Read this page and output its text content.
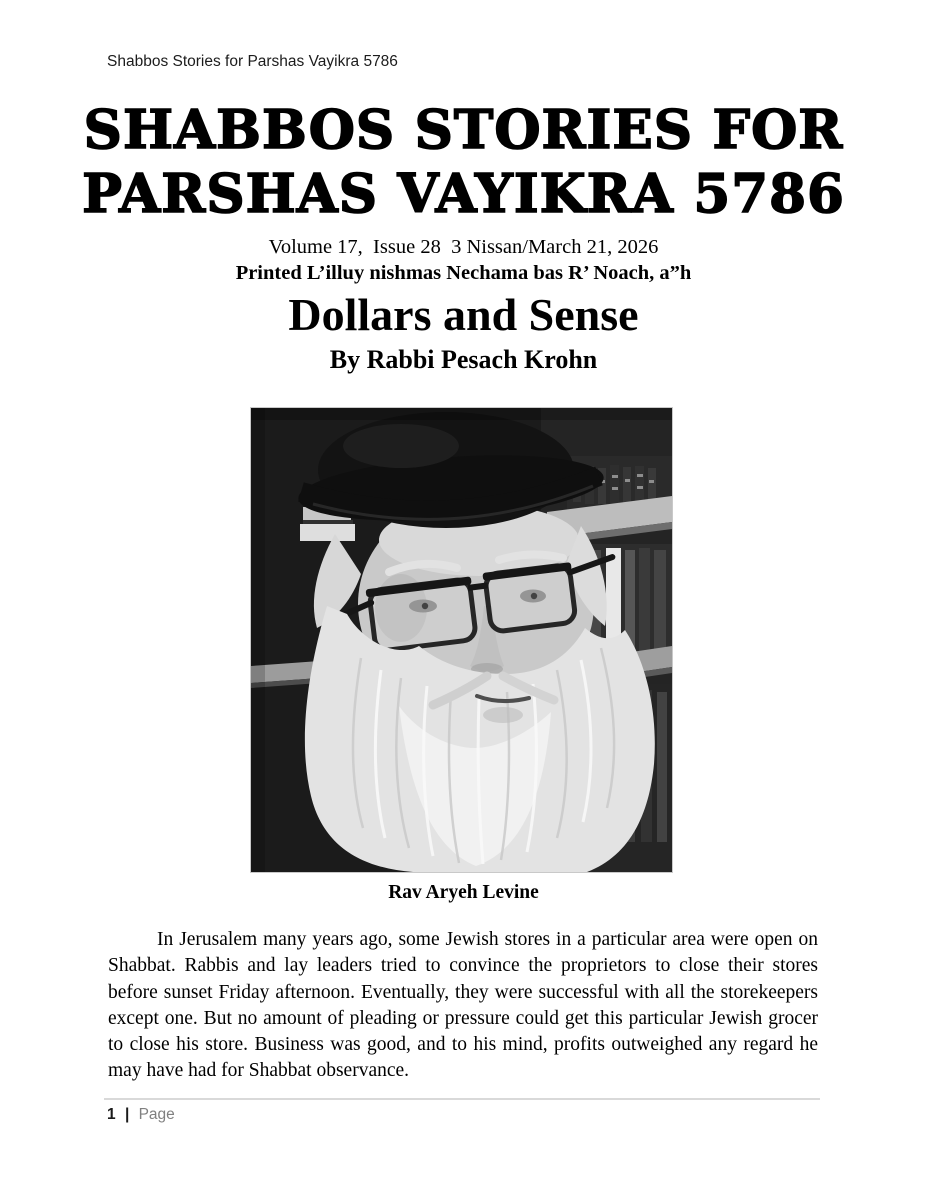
Shabbos Stories for Parshas Vayikra 5786
SHABBOS STORIES FOR
PARSHAS VAYIKRA 5786
Volume 17,  Issue 28  3 Nissan/March 21, 2026
Printed L’illuy nishmas Nechama bas R’ Noach, a”h
Dollars and Sense
By Rabbi Pesach Krohn
Rav Aryeh Levine
In Jerusalem many years ago, some Jewish stores in a particular area were open on Shabbat. Rabbis and lay leaders tried to convince the proprietors to close their stores before sunset Friday afternoon. Eventually, they were successful with all the storekeepers except one. But no amount of pleading or pressure could get this particular Jewish grocer to close his store. Business was good, and to his mind, profits outweighed any regard he may have had for Shabbat observance.
1 | Page
